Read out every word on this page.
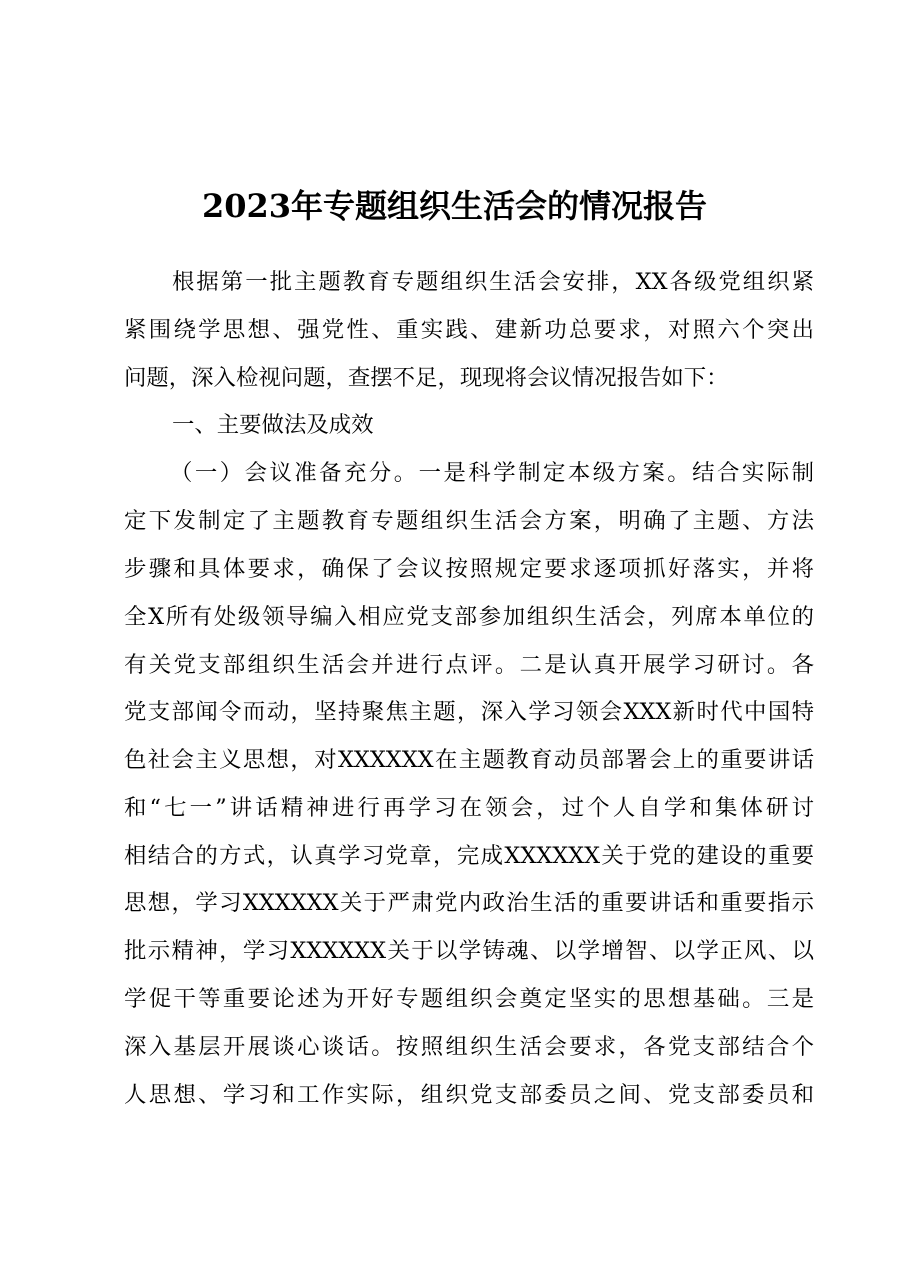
2023年专题组织生活会的情况报告
根据第一批主题教育专题组织生活会安排，XX各级党组织紧
紧围绕学思想、强党性、重实践、建新功总要求，对照六个突出
问题，深入检视问题，查摆不足，现现将会议情况报告如下：
一、主要做法及成效
（一）会议准备充分。一是科学制定本级方案。结合实际制
定下发制定了主题教育专题组织生活会方案，明确了主题、方法
步骤和具体要求，确保了会议按照规定要求逐项抓好落实，并将
全X所有处级领导编入相应党支部参加组织生活会，列席本单位的
有关党支部组织生活会并进行点评。二是认真开展学习研讨。各
党支部闻令而动，坚持聚焦主题，深入学习领会XXX新时代中国特
色社会主义思想，对XXXXXX在主题教育动员部署会上的重要讲话
和“七一”讲话精神进行再学习在领会，过个人自学和集体研讨
相结合的方式，认真学习党章，完成XXXXXX关于党的建设的重要
思想，学习XXXXXX关于严肃党内政治生活的重要讲话和重要指示
批示精神，学习XXXXXX关于以学铸魂、以学增智、以学正风、以
学促干等重要论述为开好专题组织会奠定坚实的思想基础。三是
深入基层开展谈心谈话。按照组织生活会要求，各党支部结合个
人思想、学习和工作实际，组织党支部委员之间、党支部委员和
